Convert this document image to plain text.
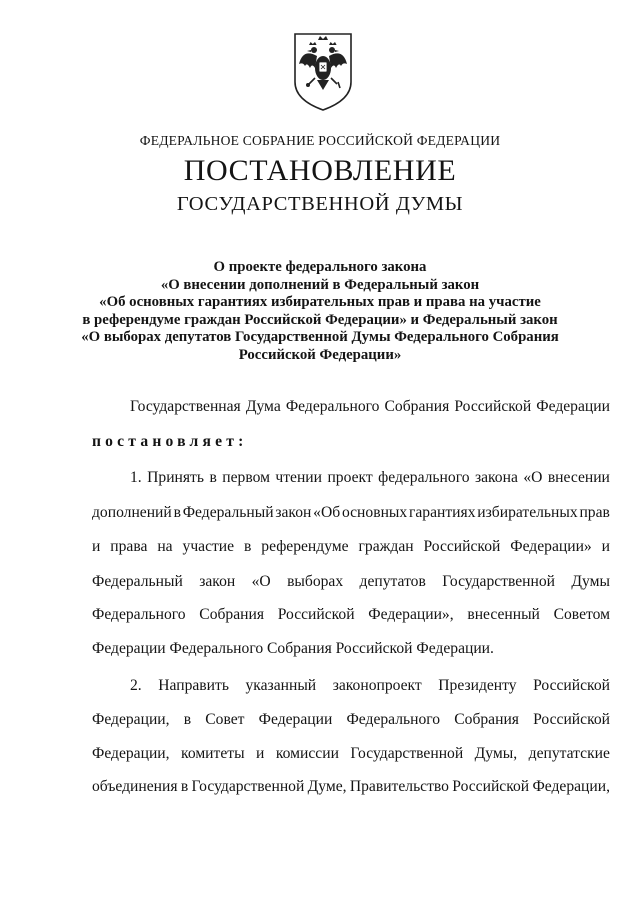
ФЕДЕРАЛЬНОЕ СОБРАНИЕ РОССИЙСКОЙ ФЕДЕРАЦИИ
ПОСТАНОВЛЕНИЕ
ГОСУДАРСТВЕННОЙ ДУМЫ
О проекте федерального закона
«О внесении дополнений в Федеральный закон
«Об основных гарантиях избирательных прав и права на участие
в референдуме граждан Российской Федерации» и Федеральный закон
«О выборах депутатов Государственной Думы Федерального Собрания
Российской Федерации»
Государственная Дума Федерального Собрания Российской Федерации
постановляет:
1. Принять в первом чтении проект федерального закона «О внесении
дополнений в Федеральный закон «Об основных гарантиях избирательных прав
и права на участие в референдуме граждан Российской Федерации» и
Федеральный закон «О выборах депутатов Государственной Думы
Федерального Собрания Российской Федерации», внесенный Советом
Федерации Федерального Собрания Российской Федерации.
2. Направить указанный законопроект Президенту Российской
Федерации, в Совет Федерации Федерального Собрания Российской
Федерации, комитеты и комиссии Государственной Думы, депутатские
объединения в Государственной Думе, Правительство Российской Федерации,
